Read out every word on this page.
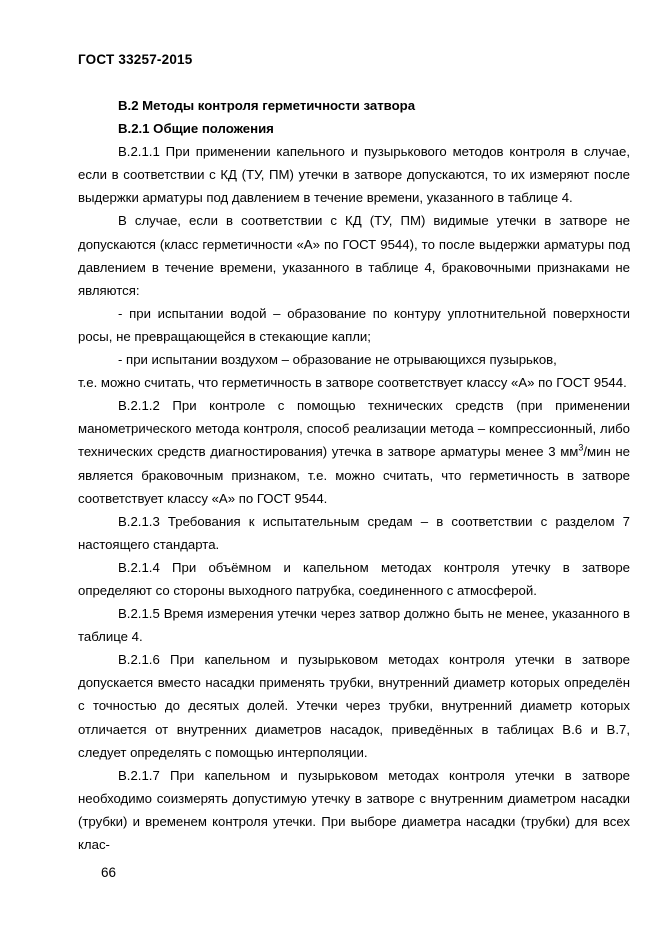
ГОСТ 33257-2015

В.2 Методы контроля герметичности затвора

В.2.1 Общие положения

В.2.1.1 При применении капельного и пузырькового методов контроля в случае, если в соответствии с КД (ТУ, ПМ) утечки в затворе допускаются, то их измеряют после выдержки арматуры под давлением в течение времени, указанного в таблице 4.

В случае, если в соответствии с КД (ТУ, ПМ) видимые утечки в затворе не допускаются (класс герметичности «А» по ГОСТ 9544), то после выдержки арматуры под давлением в течение времени, указанного в таблице 4, браковочными признаками не являются:

- при испытании водой – образование по контуру уплотнительной поверхности росы, не превращающейся в стекающие капли;

- при испытании воздухом – образование не отрывающихся пузырьков,

т.е. можно считать, что герметичность в затворе соответствует классу «А» по ГОСТ 9544.

В.2.1.2 При контроле с помощью технических средств (при применении манометрического метода контроля, способ реализации метода – компрессионный, либо технических средств диагностирования) утечка в затворе арматуры менее 3 $мм^3$/мин не является браковочным признаком, т.е. можно считать, что герметичность в затворе соответствует классу «А» по ГОСТ 9544.

В.2.1.3 Требования к испытательным средам – в соответствии с разделом 7 настоящего стандарта.

В.2.1.4 При объёмном и капельном методах контроля утечку в затворе определяют со стороны выходного патрубка, соединенного с атмосферой.

В.2.1.5 Время измерения утечки через затвор должно быть не менее, указанного в таблице 4.

В.2.1.6 При капельном и пузырьковом методах контроля утечки в затворе допускается вместо насадки применять трубки, внутренний диаметр которых определён с точностью до десятых долей. Утечки через трубки, внутренний диаметр которых отличается от внутренних диаметров насадок, приведённых в таблицах В.6 и В.7, следует определять с помощью интерполяции.

В.2.1.7 При капельном и пузырьковом методах контроля утечки в затворе необходимо соизмерять допустимую утечку в затворе с внутренним диаметром насадки (трубки) и временем контроля утечки. При выборе диаметра насадки (трубки) для всех клас-

66
